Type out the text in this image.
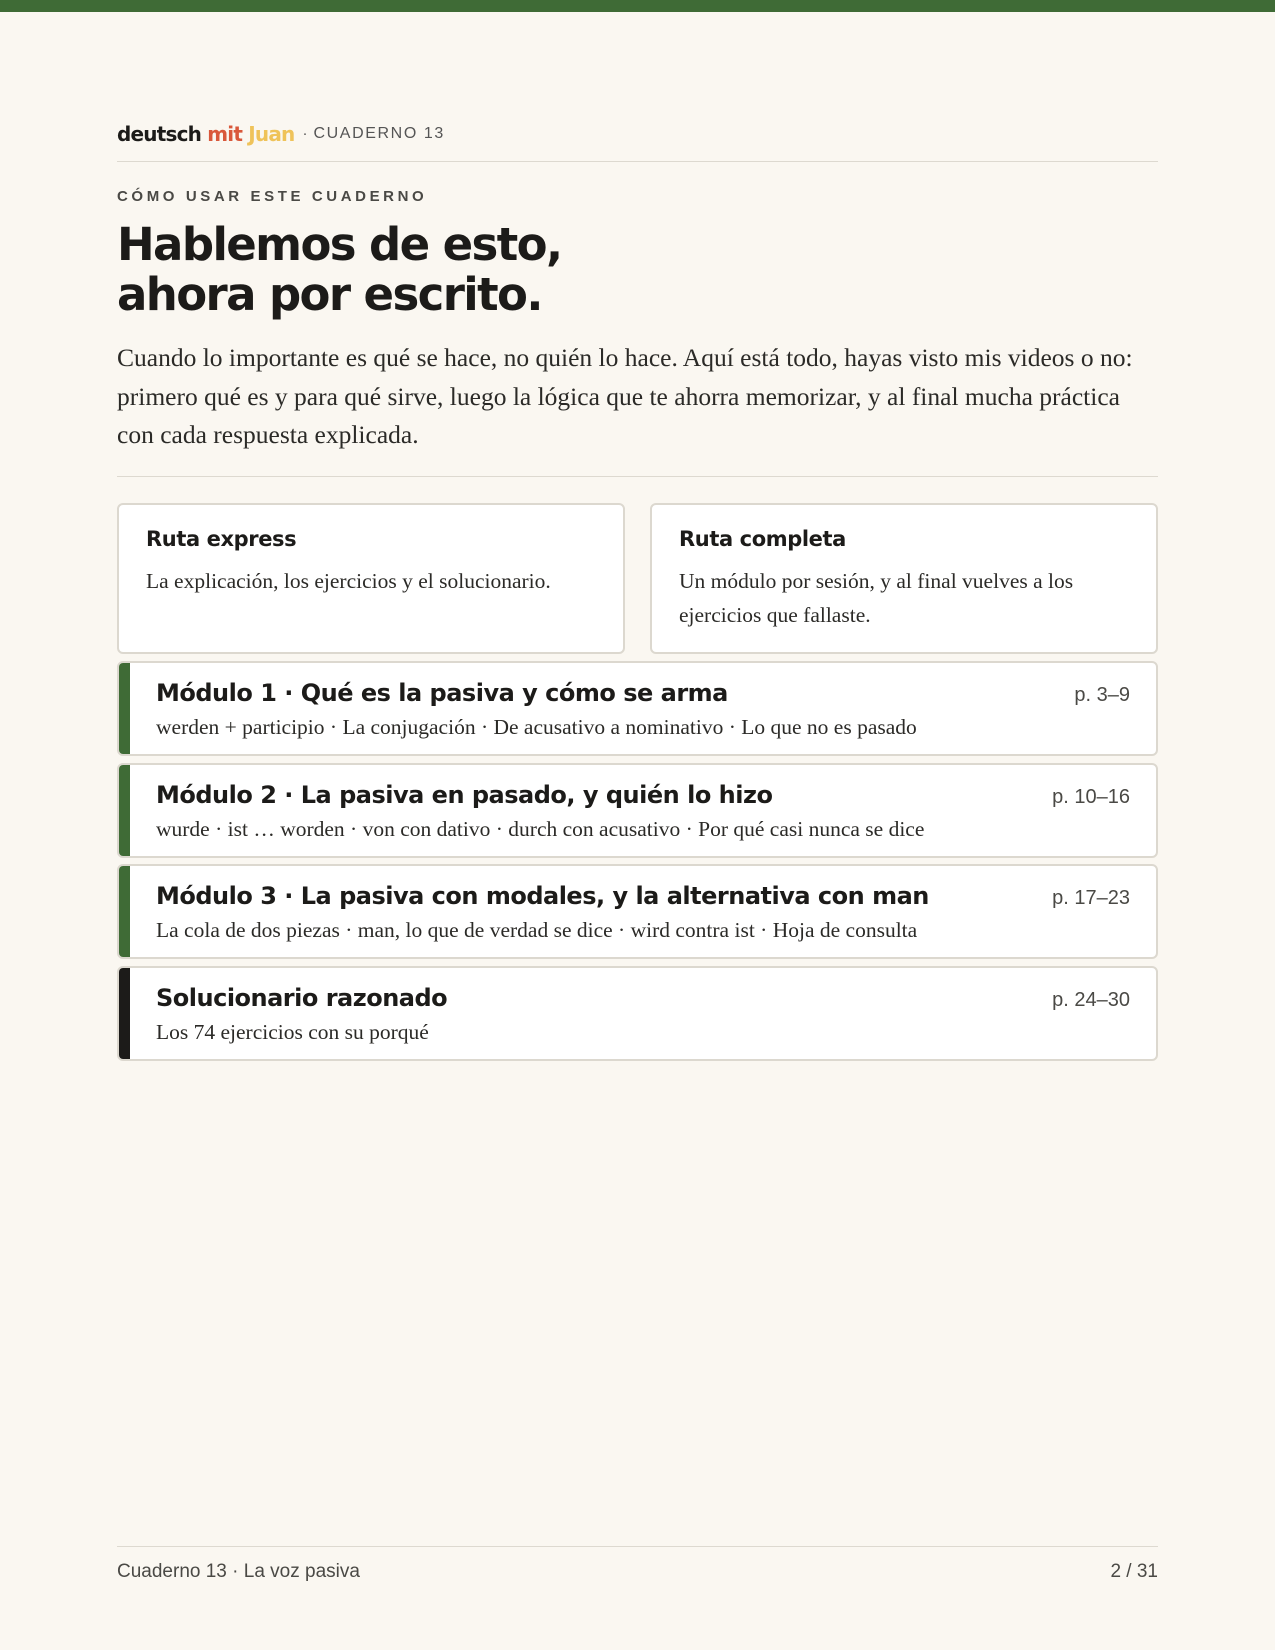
deutsch mit Juan · CUADERNO 13
CÓMO USAR ESTE CUADERNO
Hablemos de esto,
ahora por escrito.

Cuando lo importante es qué se hace, no quién lo hace. Aquí está todo, hayas visto mis videos o no: primero qué es y para qué sirve, luego la lógica que te ahorra memorizar, y al final mucha práctica con cada respuesta explicada.

Ruta express
La explicación, los ejercicios y el solucionario.
Ruta completa
Un módulo por sesión, y al final vuelves a los ejercicios que fallaste.
Módulo 1 · Qué es la pasiva y cómo se arma	p. 3–9
werden + participio · La conjugación · De acusativo a nominativo · Lo que no es pasado
Módulo 2 · La pasiva en pasado, y quién lo hizo	p. 10–16
wurde · ist … worden · von con dativo · durch con acusativo · Por qué casi nunca se dice
Módulo 3 · La pasiva con modales, y la alternativa con man	p. 17–23
La cola de dos piezas · man, lo que de verdad se dice · wird contra ist · Hoja de consulta
Solucionario razonado	p. 24–30
Los 74 ejercicios con su porqué
Cuaderno 13 · La voz pasiva	2 / 31
